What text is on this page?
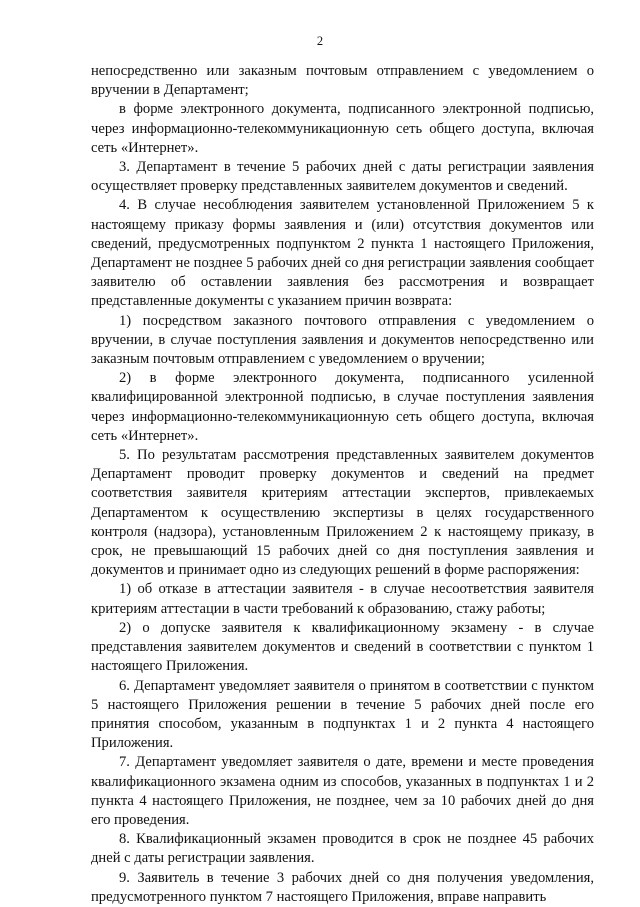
2

непосредственно или заказным почтовым отправлением с уведомлением о вручении в Департамент;

в форме электронного документа, подписанного электронной подписью, через информационно-телекоммуникационную сеть общего доступа, включая сеть «Интернет».

3. Департамент в течение 5 рабочих дней с даты регистрации заявления осуществляет проверку представленных заявителем документов и сведений.

4. В случае несоблюдения заявителем установленной Приложением 5 к настоящему приказу формы заявления и (или) отсутствия документов или сведений, предусмотренных подпунктом 2 пункта 1 настоящего Приложения, Департамент не позднее 5 рабочих дней со дня регистрации заявления сообщает заявителю об оставлении заявления без рассмотрения и возвращает представленные документы с указанием причин возврата:

1) посредством заказного почтового отправления с уведомлением о вручении, в случае поступления заявления и документов непосредственно или заказным почтовым отправлением с уведомлением о вручении;

2) в форме электронного документа, подписанного усиленной квалифицированной электронной подписью, в случае поступления заявления через информационно-телекоммуникационную сеть общего доступа, включая сеть «Интернет».

5. По результатам рассмотрения представленных заявителем документов Департамент проводит проверку документов и сведений на предмет соответствия заявителя критериям аттестации экспертов, привлекаемых Департаментом к осуществлению экспертизы в целях государственного контроля (надзора), установленным Приложением 2 к настоящему приказу, в срок, не превышающий 15 рабочих дней со дня поступления заявления и документов и принимает одно из следующих решений в форме распоряжения:

1) об отказе в аттестации заявителя - в случае несоответствия заявителя критериям аттестации в части требований к образованию, стажу работы;

2) о допуске заявителя к квалификационному экзамену - в случае представления заявителем документов и сведений в соответствии с пунктом 1 настоящего Приложения.

6. Департамент уведомляет заявителя о принятом в соответствии с пунктом 5 настоящего Приложения решении в течение 5 рабочих дней после его принятия способом, указанным в подпунктах 1 и 2 пункта 4 настоящего Приложения.

7. Департамент уведомляет заявителя о дате, времени и месте проведения квалификационного экзамена одним из способов, указанных в подпунктах 1 и 2 пункта 4 настоящего Приложения, не позднее, чем за 10 рабочих дней до дня его проведения.

8. Квалификационный экзамен проводится в срок не позднее 45 рабочих дней с даты регистрации заявления.

9. Заявитель в течение 3 рабочих дней со дня получения уведомления, предусмотренного пунктом 7 настоящего Приложения, вправе направить
